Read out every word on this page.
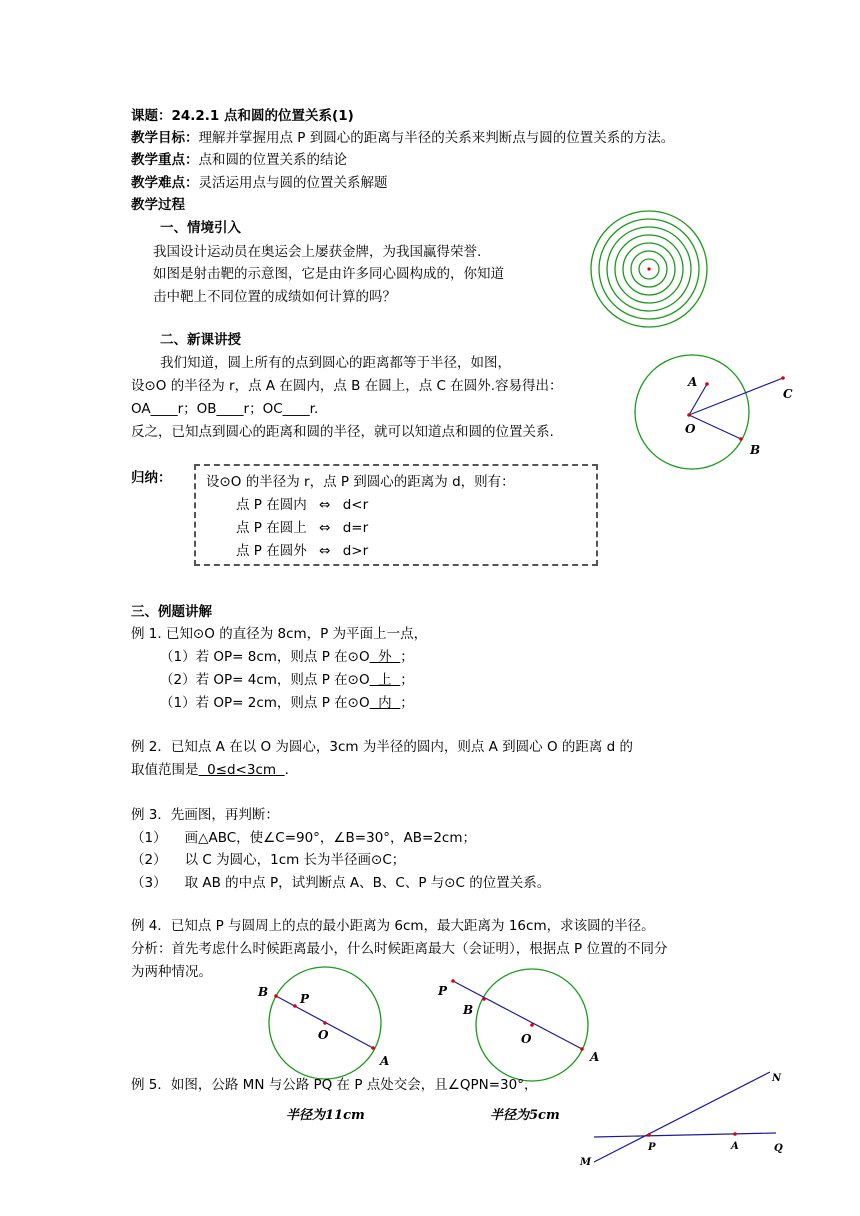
课题：24.2.1 点和圆的位置关系(1)
教学目标：理解并掌握用点 P 到圆心的距离与半径的关系来判断点与圆的位置关系的方法。
教学重点：点和圆的位置关系的结论
教学难点：灵活运用点与圆的位置关系解题
教学过程
一、情境引入
我国设计运动员在奥运会上屡获金牌，为我国赢得荣誉.
如图是射击靶的示意图，它是由许多同心圆构成的，你知道
击中靶上不同位置的成绩如何计算的吗？
二、新课讲授
我们知道，圆上所有的点到圆心的距离都等于半径，如图，
设⊙O 的半径为 r，点 A 在圆内，点 B 在圆上，点 C 在圆外.容易得出：
OA____r；OB____r；OC____r.
反之，已知点到圆心的距离和圆的半径，就可以知道点和圆的位置关系.
A
C
O
B
归纳：	设⊙O 的半径为 r，点 P 到圆心的距离为 d，则有：
点 P 在圆内 ⇔ d<r
点 P 在圆上 ⇔ d=r
点 P 在圆外 ⇔ d>r
三、例题讲解
例 1. 已知⊙O 的直径为 8cm，P 为平面上一点，
（1）若 OP= 8cm，则点 P 在⊙O  外  ；
（2）若 OP= 4cm，则点 P 在⊙O  上  ；
（1）若 OP= 2cm，则点 P 在⊙O  内  ；
例 2．已知点 A 在以 O 为圆心，3cm 为半径的圆内，则点 A 到圆心 O 的距离 d 的
取值范围是  0≤d<3cm  .
例 3．先画图，再判断：
（1） 画△ABC，使∠C=90°，∠B=30°，AB=2cm；
（2） 以 C 为圆心，1cm 长为半径画⊙C；
（3） 取 AB 的中点 P，试判断点 A、B、C、P 与⊙C 的位置关系。
例 4．已知点 P 与圆周上的点的最小距离为 6cm，最大距离为 16cm，求该圆的半径。
分析：首先考虑什么时候距离最小，什么时候距离最大（会证明），根据点 P 位置的不同分
为两种情况。
B	P
O
A
半径为11cm
P
B
O
A
半径为5cm
例 5．如图，公路 MN 与公路 PQ 在 P 点处交会，且∠QPN=30°，	N
P	A	Q
M
